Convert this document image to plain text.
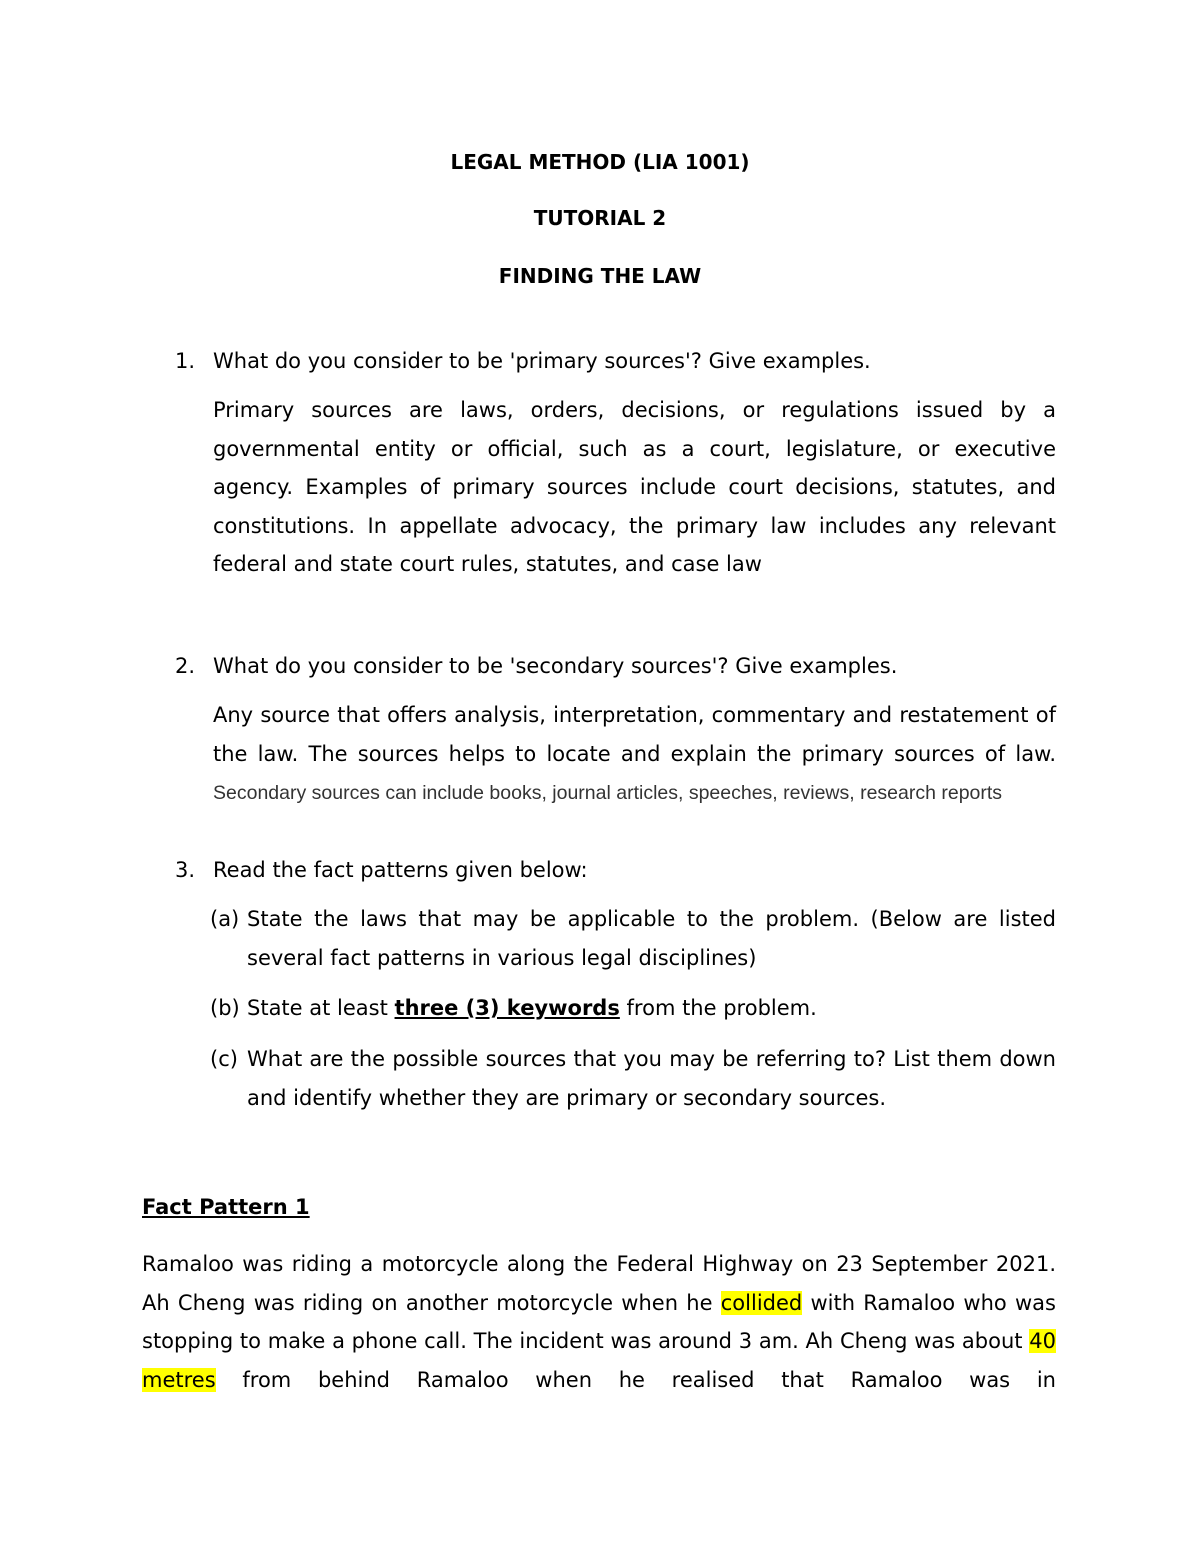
LEGAL METHOD (LIA 1001)
TUTORIAL 2
FINDING THE LAW
1. What do you consider to be 'primary sources'? Give examples.
Primary sources are laws, orders, decisions, or regulations issued by a governmental entity or official, such as a court, legislature, or executive agency. Examples of primary sources include court decisions, statutes, and constitutions. In appellate advocacy, the primary law includes any relevant federal and state court rules, statutes, and case law
2. What do you consider to be 'secondary sources'? Give examples.
Any source that offers analysis, interpretation, commentary and restatement of the law. The sources helps to locate and explain the primary sources of law. Secondary sources can include books, journal articles, speeches, reviews, research reports
3. Read the fact patterns given below:
(a) State the laws that may be applicable to the problem. (Below are listed several fact patterns in various legal disciplines)
(b) State at least three (3) keywords from the problem.
(c) What are the possible sources that you may be referring to? List them down and identify whether they are primary or secondary sources.
Fact Pattern 1
Ramaloo was riding a motorcycle along the Federal Highway on 23 September 2021. Ah Cheng was riding on another motorcycle when he collided with Ramaloo who was stopping to make a phone call. The incident was around 3 am. Ah Cheng was about 40 metres from behind Ramaloo when he realised that Ramaloo was in
